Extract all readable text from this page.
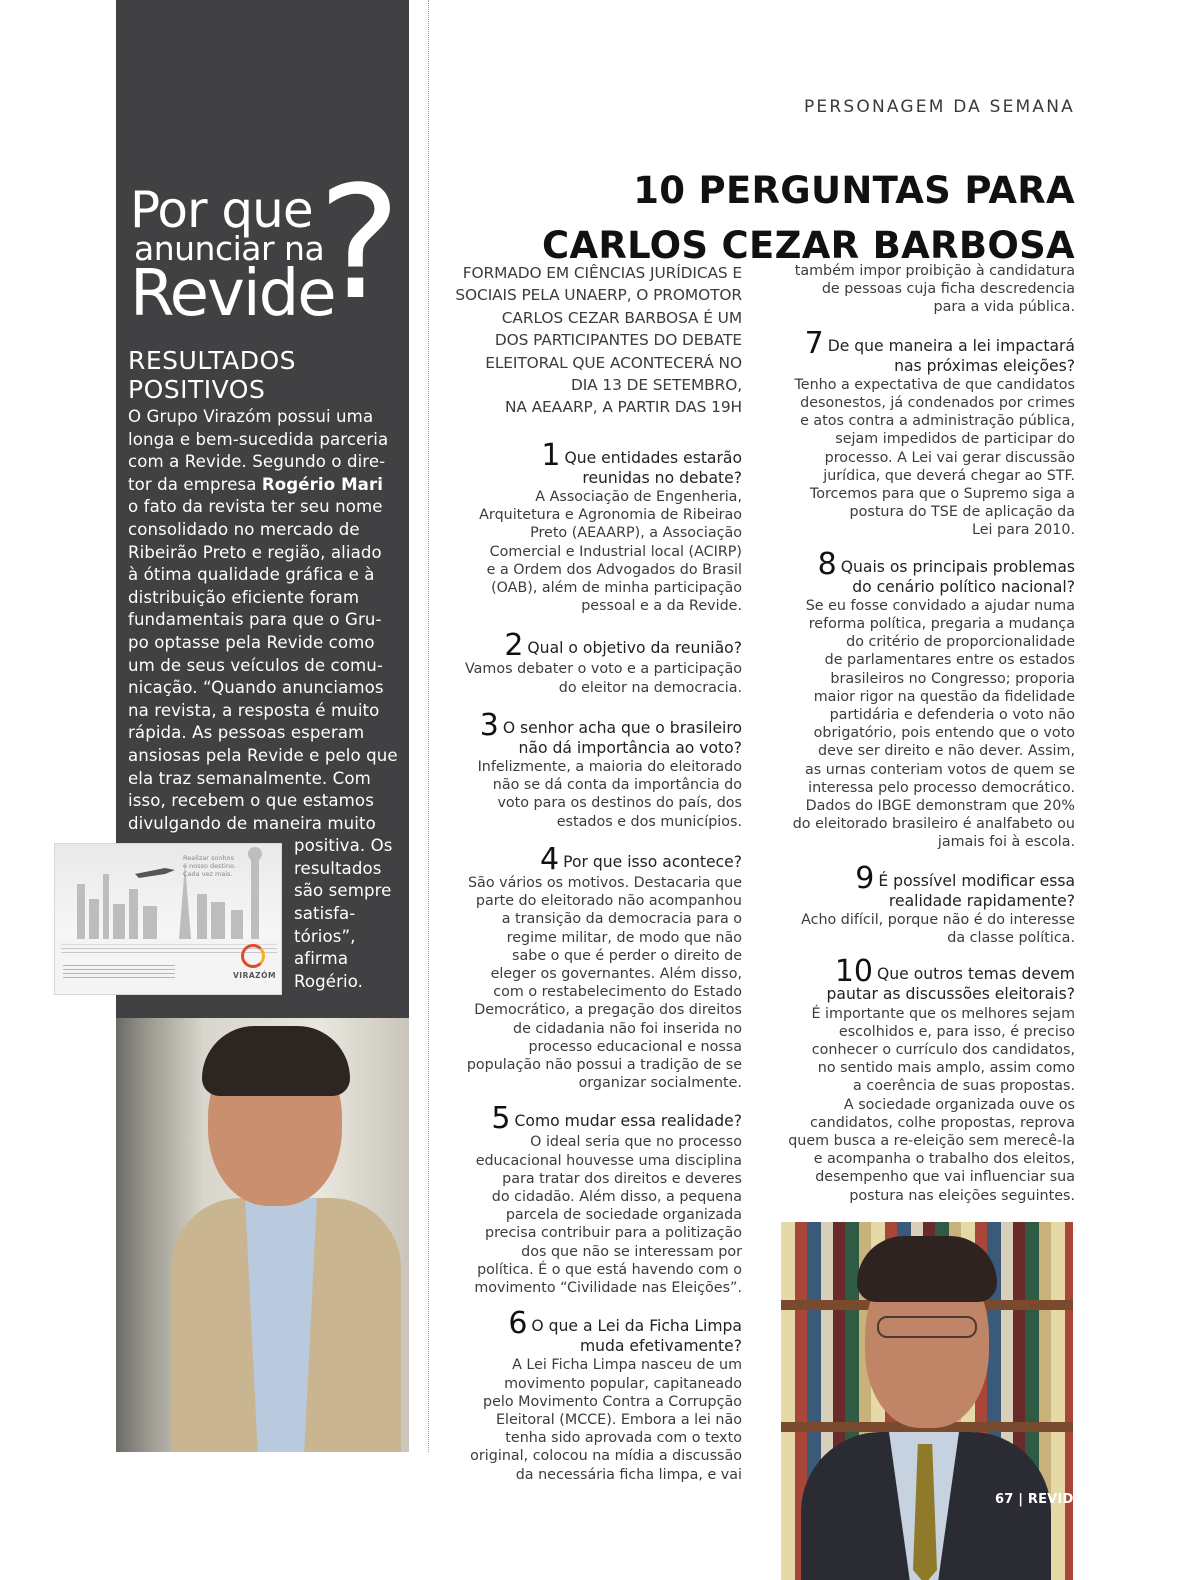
Por que
anunciar na
Revide
?
RESULTADOS
POSITIVOS
O Grupo Virazóm possui uma
longa e bem-sucedida parceria
com a Revide. Segundo o dire-
tor da empresa Rogério Mari
o fato da revista ter seu nome
consolidado no mercado de
Ribeirão Preto e região, aliado
à ótima qualidade gráfica e à
distribuição eficiente foram
fundamentais para que o Gru-
po optasse pela Revide como
um de seus veículos de comu-
nicação. “Quando anunciamos
na revista, a resposta é muito
rápida. As pessoas esperam
ansiosas pela Revide e pelo que
ela traz semanalmente. Com
isso, recebem o que estamos
divulgando de maneira muito
positiva. Os
resultados
são sempre
satisfa-
tórios”,
afirma
Rogério.
Realizar sonhos
é nosso destino.
Cada vez mais.
VIRAZÓM
PERSONAGEM DA SEMANA
10 PERGUNTAS PARA
CARLOS CEZAR BARBOSA
FORMADO EM CIÊNCIAS JURÍDICAS E
SOCIAIS PELA UNAERP, O PROMOTOR
CARLOS CEZAR BARBOSA É UM
DOS PARTICIPANTES DO DEBATE
ELEITORAL QUE ACONTECERÁ NO
DIA 13 DE SETEMBRO,
NA AEAARP, A PARTIR DAS 19H
1 Que entidades estarão
reunidas no debate?
A Associação de Engenheria,
Arquitetura e Agronomia de Ribeirao
Preto (AEAARP), a Associação
Comercial e Industrial local (ACIRP)
e a Ordem dos Advogados do Brasil
(OAB), além de minha participação
pessoal e a da Revide.
2 Qual o objetivo da reunião?
Vamos debater o voto e a participação
do eleitor na democracia.
3 O senhor acha que o brasileiro
não dá importância ao voto?
Infelizmente, a maioria do eleitorado
não se dá conta da importância do
voto para os destinos do país, dos
estados e dos municípios.
4 Por que isso acontece?
São vários os motivos. Destacaria que
parte do eleitorado não acompanhou
a transição da democracia para o
regime militar, de modo que não
sabe o que é perder o direito de
eleger os governantes. Além disso,
com o restabelecimento do Estado
Democrático, a pregação dos direitos
de cidadania não foi inserida no
processo educacional e nossa
população não possui a tradição de se
organizar socialmente.
5 Como mudar essa realidade?
O ideal seria que no processo
educacional houvesse uma disciplina
para tratar dos direitos e deveres
do cidadão. Além disso, a pequena
parcela de sociedade organizada
precisa contribuir para a politização
dos que não se interessam por
política. É o que está havendo com o
movimento “Civilidade nas Eleições”.
6 O que a Lei da Ficha Limpa
muda efetivamente?
A Lei Ficha Limpa nasceu de um
movimento popular, capitaneado
pelo Movimento Contra a Corrupção
Eleitoral (MCCE). Embora a lei não
tenha sido aprovada com o texto
original, colocou na mídia a discussão
da necessária ficha limpa, e vai
também impor proibição à candidatura
de pessoas cuja ficha descredencia
para a vida pública.
7 De que maneira a lei impactará
nas próximas eleições?
Tenho a expectativa de que candidatos
desonestos, já condenados por crimes
e atos contra a administração pública,
sejam impedidos de participar do
processo. A Lei vai gerar discussão
jurídica, que deverá chegar ao STF.
Torcemos para que o Supremo siga a
postura do TSE de aplicação da
Lei para 2010.
8 Quais os principais problemas
do cenário político nacional?
Se eu fosse convidado a ajudar numa
reforma política, pregaria a mudança
do critério de proporcionalidade
de parlamentares entre os estados
brasileiros no Congresso; proporia
maior rigor na questão da fidelidade
partidária e defenderia o voto não
obrigatório, pois entendo que o voto
deve ser direito e não dever. Assim,
as urnas conteriam votos de quem se
interessa pelo processo democrático.
Dados do IBGE demonstram que 20%
do eleitorado brasileiro é analfabeto ou
jamais foi à escola.
9 É possível modificar essa
realidade rapidamente?
Acho difícil, porque não é do interesse
da classe política.
10 Que outros temas devem
pautar as discussões eleitorais?
É importante que os melhores sejam
escolhidos e, para isso, é preciso
conhecer o currículo dos candidatos,
no sentido mais amplo, assim como
a coerência de suas propostas.
A sociedade organizada ouve os
candidatos, colhe propostas, reprova
quem busca a re-eleição sem merecê-la
e acompanha o trabalho dos eleitos,
desempenho que vai influenciar sua
postura nas eleições seguintes.
67 | REVIDE
